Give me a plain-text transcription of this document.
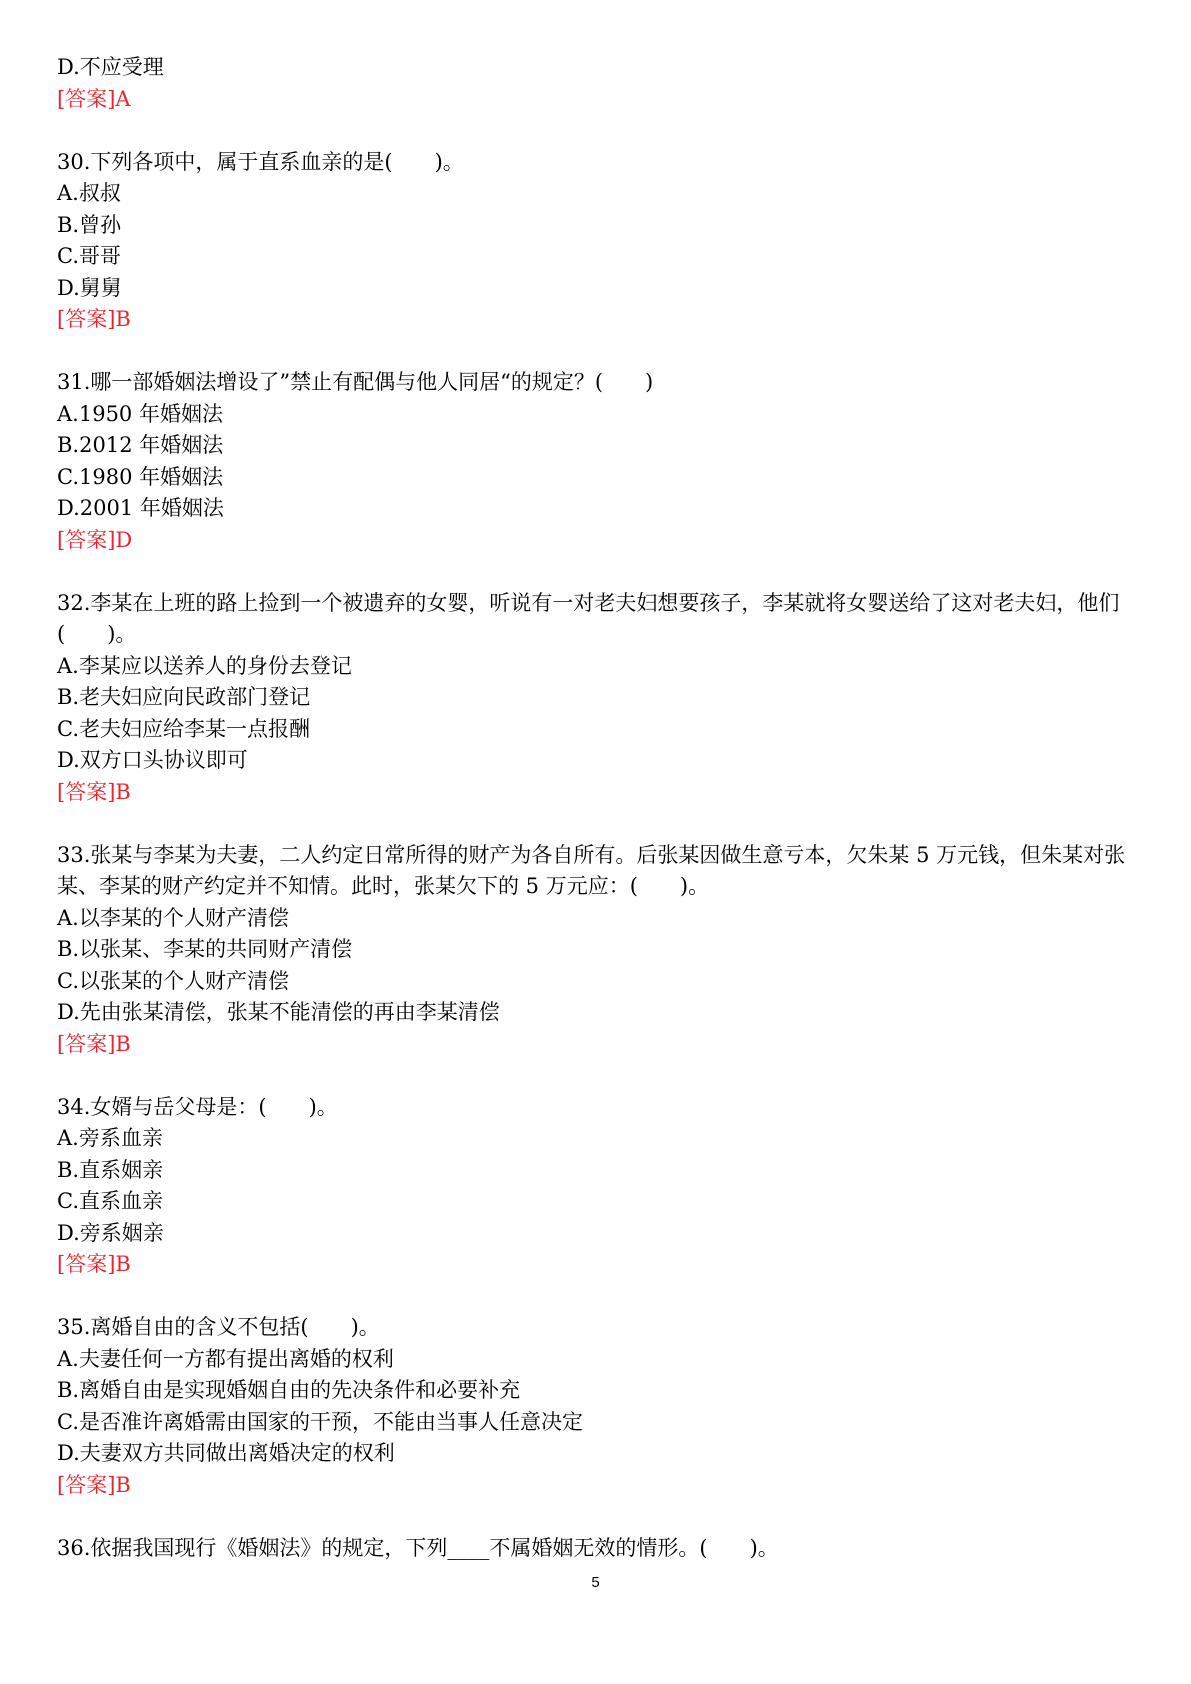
D.不应受理
[答案]A
30.下列各项中，属于直系血亲的是(　　)。
A.叔叔
B.曾孙
C.哥哥
D.舅舅
[答案]B
31.哪一部婚姻法增设了”禁止有配偶与他人同居“的规定？(　　)
A.1950 年婚姻法
B.2012 年婚姻法
C.1980 年婚姻法
D.2001 年婚姻法
[答案]D
32.李某在上班的路上捡到一个被遗弃的女婴，听说有一对老夫妇想要孩子，李某就将女婴送给了这对老夫妇，他们(　　)。
A.李某应以送养人的身份去登记
B.老夫妇应向民政部门登记
C.老夫妇应给李某一点报酬
D.双方口头协议即可
[答案]B
33.张某与李某为夫妻，二人约定日常所得的财产为各自所有。后张某因做生意亏本，欠朱某 5 万元钱，但朱某对张某、李某的财产约定并不知情。此时，张某欠下的 5 万元应：(　　)。
A.以李某的个人财产清偿
B.以张某、李某的共同财产清偿
C.以张某的个人财产清偿
D.先由张某清偿，张某不能清偿的再由李某清偿
[答案]B
34.女婿与岳父母是：(　　)。
A.旁系血亲
B.直系姻亲
C.直系血亲
D.旁系姻亲
[答案]B
35.离婚自由的含义不包括(　　)。
A.夫妻任何一方都有提出离婚的权利
B.离婚自由是实现婚姻自由的先决条件和必要补充
C.是否准许离婚需由国家的干预，不能由当事人任意决定
D.夫妻双方共同做出离婚决定的权利
[答案]B
36.依据我国现行《婚姻法》的规定，下列____不属婚姻无效的情形。(　　)。
5
